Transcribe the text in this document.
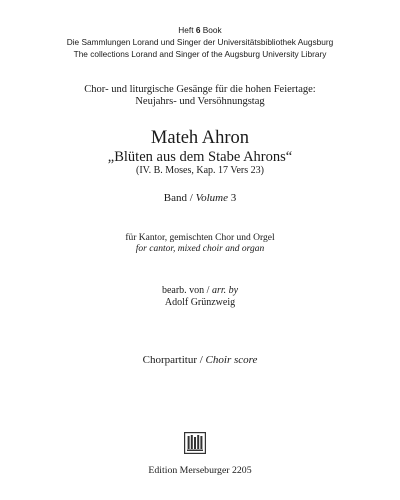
Heft 6 Book
Die Sammlungen Lorand und Singer der Universitätsbibliothek Augsburg
The collections Lorand and Singer of the Augsburg University Library
Chor- und liturgische Gesänge für die hohen Feiertage:
Neujahrs- und Versöhnungstag
Mateh Ahron
„Blüten aus dem Stabe Ahrons“
(IV. B. Moses, Kap. 17 Vers 23)
Band / Volume 3
für Kantor, gemischten Chor und Orgel
for cantor, mixed choir and organ
bearb. von / arr. by
Adolf Grünzweig
Chorpartitur / Choir score
Edition Merseburger 2205
